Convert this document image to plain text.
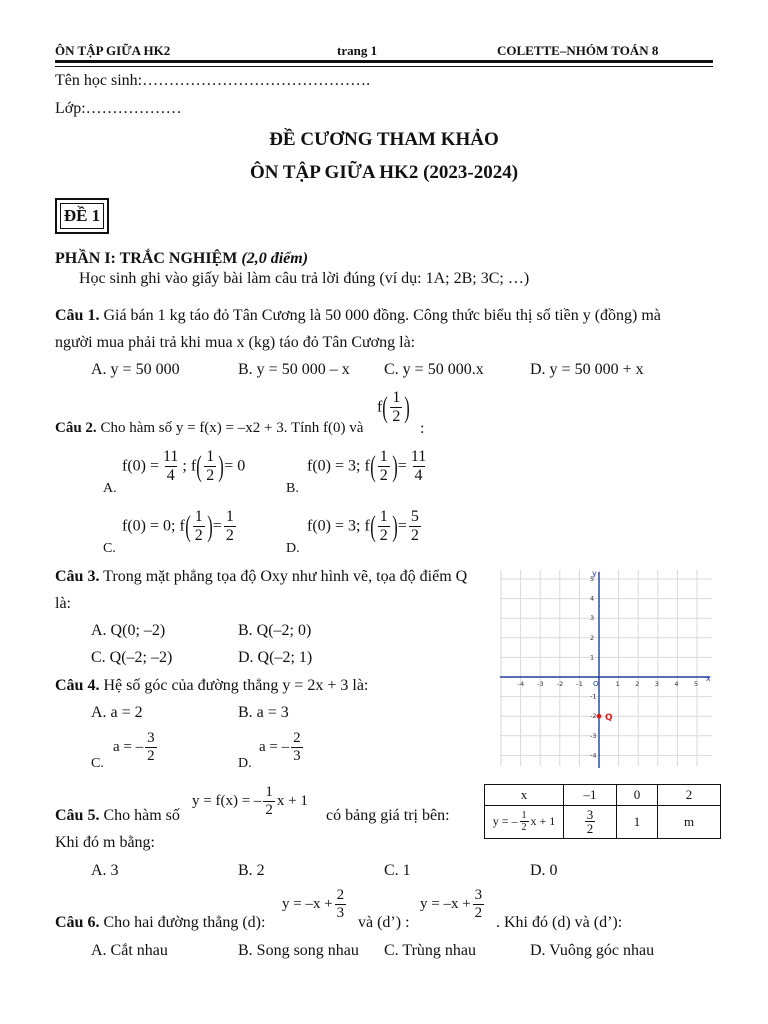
ÔN TẬP GIỮA HK2	trang 1	COLETTE–NHÓM TOÁN 8
Tên học sinh:…………………………………….
Lớp:………………
ĐỀ CƯƠNG THAM KHẢO
ÔN TẬP GIỮA HK2 (2023-2024)
ĐỀ 1
PHẦN I: TRẮC NGHIỆM (2,0 điểm)
Học sinh ghi vào giấy bài làm câu trả lời đúng (ví dụ: 1A; 2B; 3C; …)
Câu 1. Giá bán 1 kg táo đỏ Tân Cương là 50 000 đồng. Công thức biểu thị số tiền y (đồng) mà
người mua phải trả khi mua x (kg) táo đỏ Tân Cương là:
A. y = 50 000	B. y = 50 000 – x C. y = 50 000.x	D. y = 50 000 + x
Câu 2. Cho hàm số y = f(x) = –x2 + 3. Tính f(0) và
$f( \frac{1}{2}$ )
:
A.
$f(0) = \frac{11}{4}$ ; $f( \frac{1}{2}$ )= 0
B.
f(0) = 3; $f( \frac{1}{2}$ )= $\frac{11}{4}$
C.
f(0) = 0; $f( \frac{1}{2}$ )= $\frac{1}{2}$
D.
f(0) = 3; $f( \frac{1}{2}$ )= $\frac{5}{2}$
Câu 3. Trong mặt phẳng tọa độ Oxy như hình vẽ, tọa độ điểm Q
là:
A. Q(0; –2)	B. Q(–2; 0)
C. Q(–2; –2)	D. Q(–2; 1)
x
y
O
-4 -3 -2 -1	1 2 3 4 5
5
4
3
2
1
-1
-2
-3
-4
Q
Câu 4. Hệ số góc của đường thẳng y = 2x + 3 là:
A. a = 2	B. a = 3
C.
a = – $\frac{3}{2}$	D.
a = – $\frac{2}{3}$
Câu 5. Cho hàm số
y = f(x) = – $\frac{1}{2}$ x + 1
có bảng giá trị bên:
Khi đó m bằng:
A. 3	B. 2	C. 1	D. 0
x	–1	0	2
y = – $\frac{1}{2}$ x + 1	$\frac{3}{2}$	1	m
Câu 6. Cho hai đường thẳng (d):
$y = -x + \frac{2}{3}$
và (d’) :
$y = -x + \frac{3}{2}$
. Khi đó (d) và (d’):
A. Cắt nhau	B. Song song nhau C. Trùng nhau	D. Vuông góc nhau
